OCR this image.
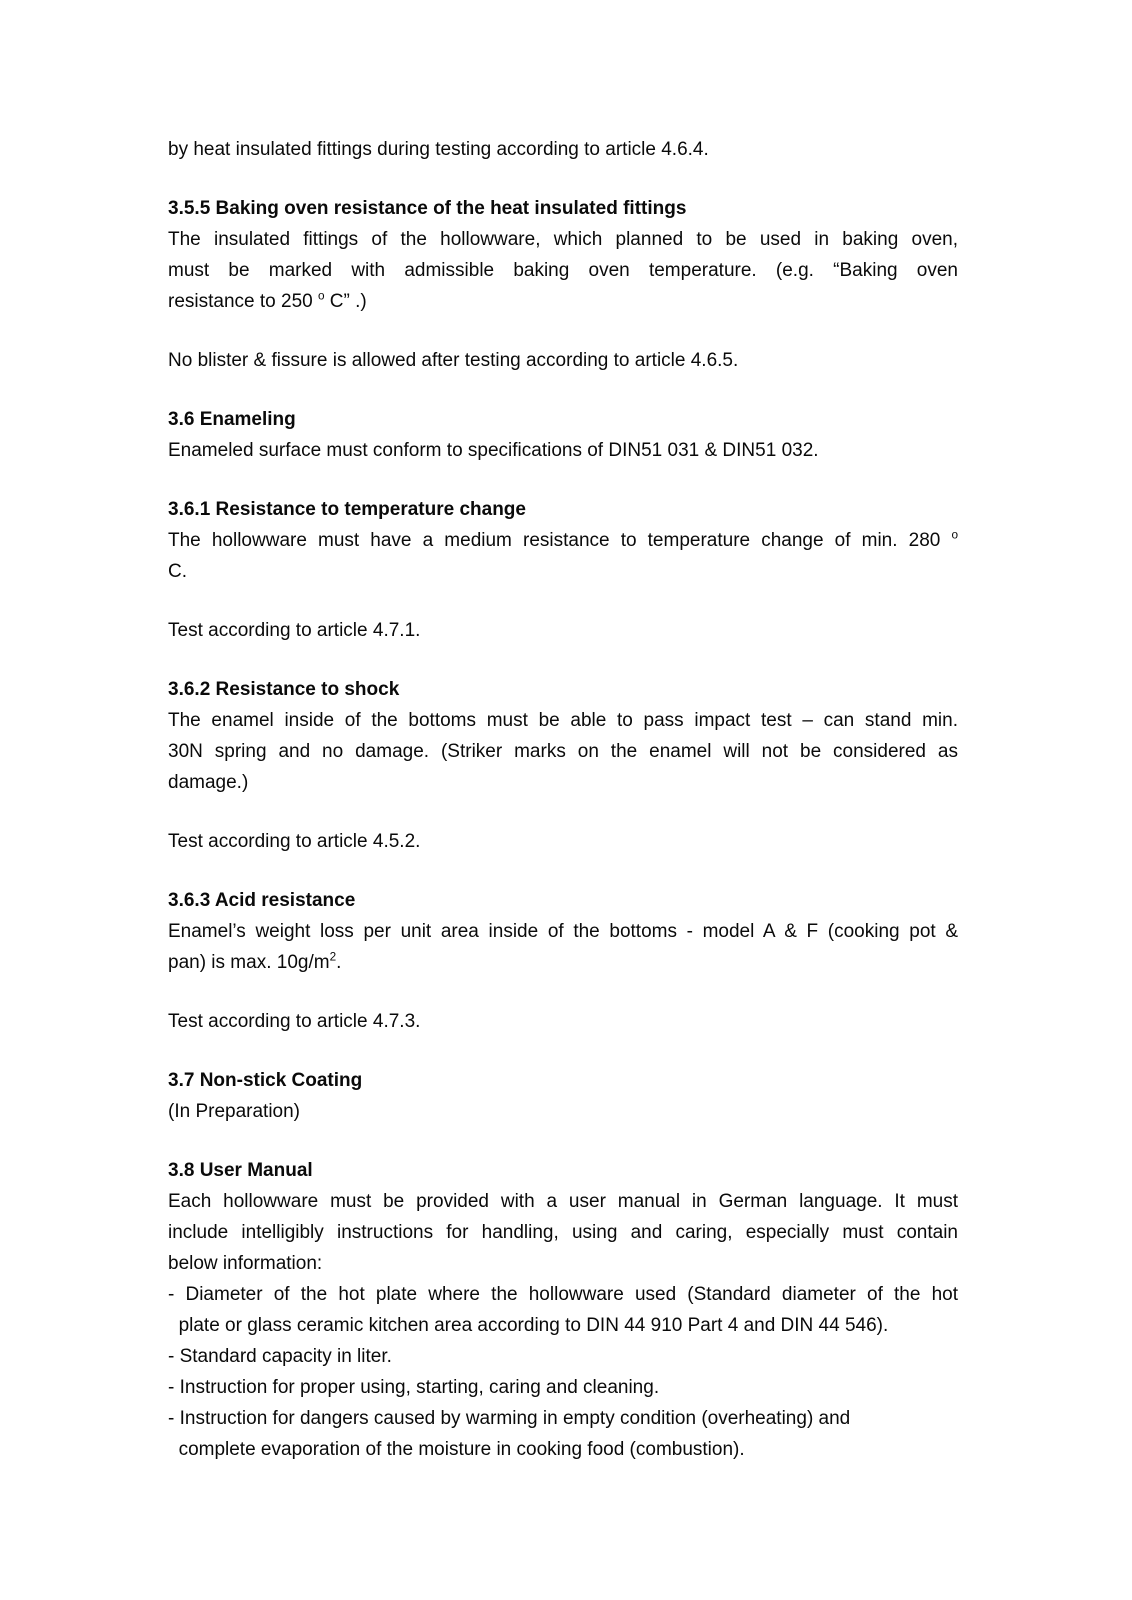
by heat insulated fittings during testing according to article 4.6.4.
3.5.5 Baking oven resistance of the heat insulated fittings
The insulated fittings of the hollowware, which planned to be used in baking oven,
must be marked with admissible baking oven temperature. (e.g. “Baking oven
resistance to 250 $^o$ C” .)
No blister & fissure is allowed after testing according to article 4.6.5.
3.6 Enameling
Enameled surface must conform to specifications of DIN51 031 & DIN51 032.
3.6.1 Resistance to temperature change
The hollowware must have a medium resistance to temperature change of min. 280 $^o$
C.
Test according to article 4.7.1.
3.6.2 Resistance to shock
The enamel inside of the bottoms must be able to pass impact test – can stand min.
30N spring and no damage. (Striker marks on the enamel will not be considered as
damage.)
Test according to article 4.5.2.
3.6.3 Acid resistance
Enamel’s weight loss per unit area inside of the bottoms - model A & F (cooking pot &
pan) is max. $10g/m^2$.
Test according to article 4.7.3.
3.7 Non-stick Coating
(In Preparation)
3.8 User Manual
Each hollowware must be provided with a user manual in German language. It must
include intelligibly instructions for handling, using and caring, especially must contain
below information:
- Diameter of the hot plate where the hollowware used (Standard diameter of the hot
plate or glass ceramic kitchen area according to DIN 44 910 Part 4 and DIN 44 546).
- Standard capacity in liter.
- Instruction for proper using, starting, caring and cleaning.
- Instruction for dangers caused by warming in empty condition (overheating) and
complete evaporation of the moisture in cooking food (combustion).
